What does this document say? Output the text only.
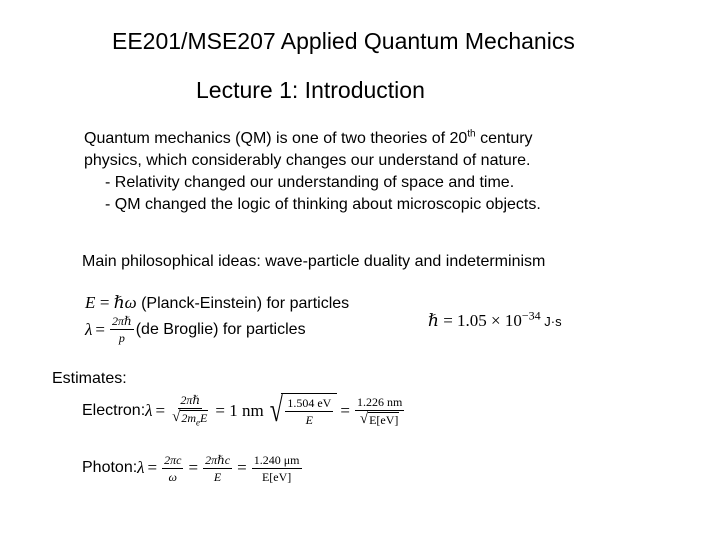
EE201/MSE207 Applied Quantum Mechanics
Lecture 1: Introduction
Quantum mechanics (QM) is one of two theories of 20th century
physics, which considerably changes our understand of nature.
- Relativity changed our understanding of space and time.
- QM changed the logic of thinking about microscopic objects.
Main philosophical ideas: wave-particle duality and indeterminism
E = ℏω (Planck-Einstein) for particles
$\lambda = \frac{\text{2πℏ}}{p} (de$ Broglie) for particles	ℏ = $1.05 \times 10^{-34}$ J·s
Estimates:
Electron: $\lambda = \frac{\text{2πℏ}}{√ 2m_eE} = 1$ nm √ $\frac{1.504 eV}{E} = \frac{1.226 nm}{√ E[eV]}$
Photon: $\lambda = \frac{2\pi c}{\omega} = \frac{\text{2πℏc}}{E} = \frac{1.240 \mu m}{E[eV]}$
